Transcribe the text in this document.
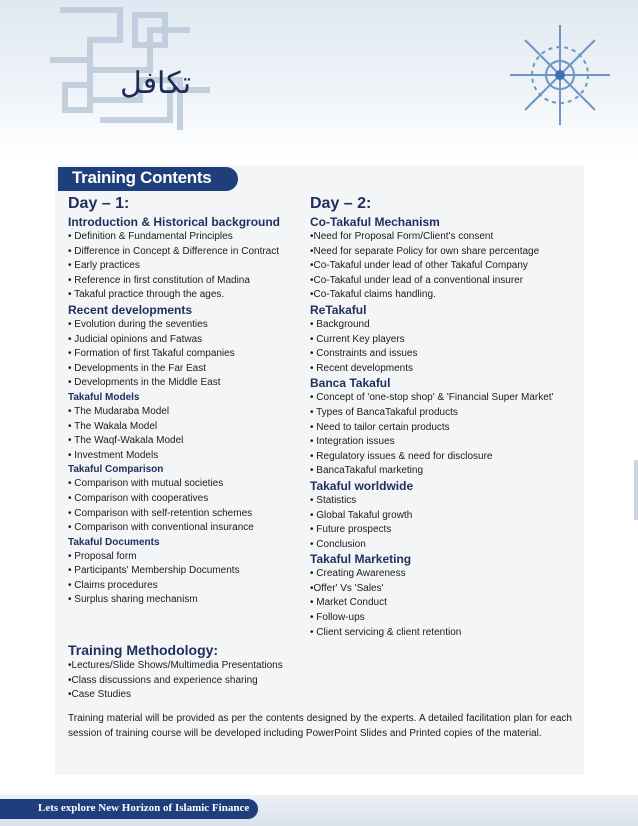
تکافل
Training Contents
Day – 1:
Introduction & Historical background
• Definition & Fundamental Principles
• Difference in Concept & Difference in Contract
• Early practices
• Reference in first constitution of Madina
• Takaful practice through the ages.
Recent developments
• Evolution during the seventies
• Judicial opinions and Fatwas
• Formation of first Takaful companies
• Developments in the Far East
• Developments in the Middle East
Takaful Models
• The Mudaraba Model
• The Wakala Model
• The Waqf-Wakala Model
• Investment Models
Takaful Comparison
• Comparison with mutual societies
• Comparison with cooperatives
• Comparison with self-retention schemes
• Comparison with conventional insurance
Takaful Documents
• Proposal form
• Participants' Membership Documents
• Claims procedures
• Surplus sharing mechanism
Day – 2:
Co-Takaful Mechanism
•Need for Proposal Form/Client's consent
•Need for separate Policy for own share percentage
•Co-Takaful under lead of other Takaful Company
•Co-Takaful under lead of a conventional insurer
•Co-Takaful claims handling.
ReTakaful
• Background
• Current Key players
• Constraints and issues
• Recent developments
Banca Takaful
• Concept of 'one-stop shop' & 'Financial Super Market'
• Types of BancaTakaful products
• Need to tailor certain products
• Integration issues
• Regulatory issues & need for disclosure
• BancaTakaful marketing
Takaful worldwide
• Statistics
• Global Takaful growth
• Future prospects
• Conclusion
Takaful Marketing
• Creating Awareness
•Offer' Vs 'Sales'
• Market Conduct
• Follow-ups
• Client servicing & client retention
Training Methodology:
•Lectures/Slide Shows/Multimedia Presentations
•Class discussions and experience sharing
•Case Studies
Training material will be provided as per the contents designed by the experts. A detailed facilitation plan for each session of training course will be developed including PowerPoint Slides and Printed copies of the material.
Lets explore New Horizon of Islamic Finance
